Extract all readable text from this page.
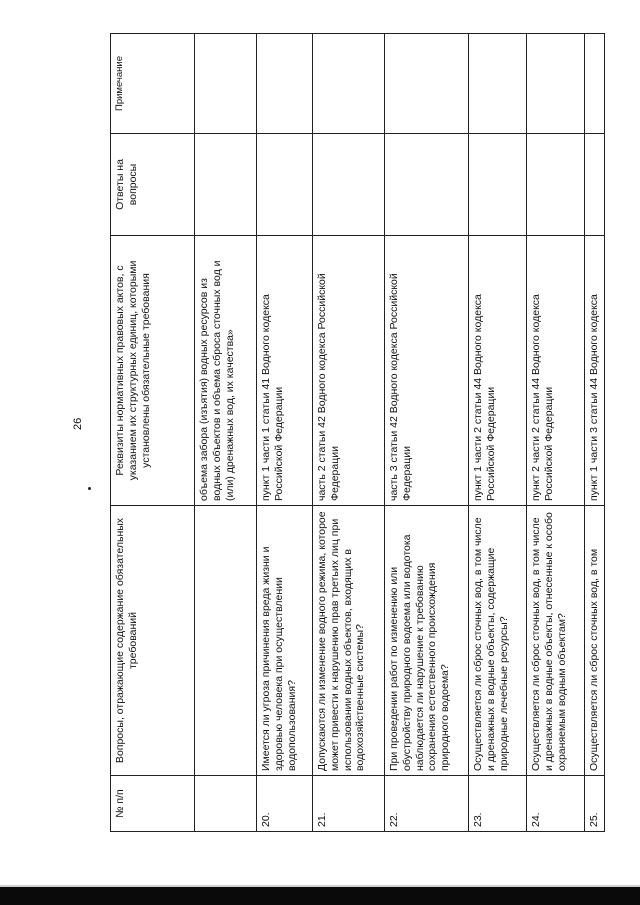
26
№ п/п	Вопросы, отражающие содержание обязательных требований	Реквизиты нормативных правовых актов, с указанием их структурных единиц, которыми установлены обязательные требования	Ответы на вопросы	Примечание
		объема забора (изъятия) водных ресурсов из водных объектов и объема сброса сточных вод и (или) дренажных вод, их качества»		
20.	Имеется ли угроза причинения вреда жизни и здоровью человека при осуществлении водопользования?	пункт 1 части 1 статьи 41 Водного кодекса Российской Федерации		
21.	Допускаются ли изменение водного режима, которое может привести к нарушению прав третьих лиц при использовании водных объектов, входящих в водохозяйственные системы?	часть 2 статьи 42 Водного кодекса Российской Федерации		
22.	При проведении работ по изменению или обустройству природного водоема или водотока наблюдается ли нарушение к требованию сохранения естественного происхождения природного водоема?	часть 3 статьи 42 Водного кодекса Российской Федерации		
23.	Осуществляется ли сброс сточных вод, в том числе и дренажных в водные объекты, содержащие природные лечебные ресурсы?	пункт 1 части 2 статьи 44 Водного кодекса Российской Федерации		
24.	Осуществляется ли сброс сточных вод, в том числе и дренажных в водные объекты, отнесенные к особо охраняемым водным объектам?	пункт 2 части 2 статьи 44 Водного кодекса Российской Федерации		
25.	Осуществляется ли сброс сточных вод, в том	пункт 1 части 3 статьи 44 Водного кодекса		
